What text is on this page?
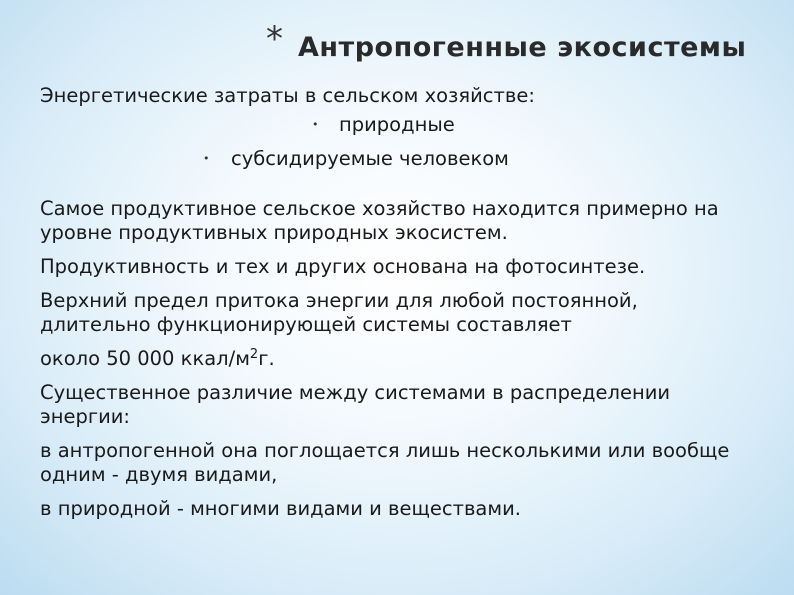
* Антропогенные экосистемы
Энергетические затраты в сельском хозяйстве:
• природные
• субсидируемые человеком
Самое продуктивное сельское хозяйство находится примерно на
уровне продуктивных природных экосистем.
Продуктивность и тех и других основана на фотосинтезе.
Верхний предел притока энергии для любой постоянной,
длительно функционирующей системы составляет
около 50 000 ккал/$м^2г$.
Существенное различие между системами в распределении
энергии:
в антропогенной она поглощается лишь несколькими или вообще
одним - двумя видами,
в природной - многими видами и веществами.
